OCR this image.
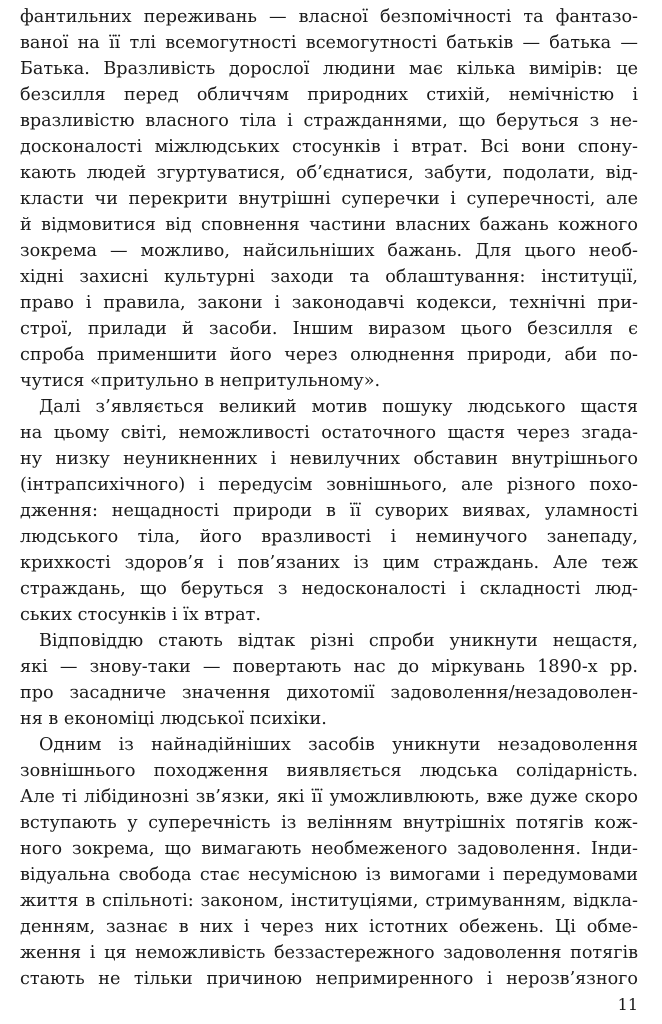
фантильних переживань — власної безпомічності та фантазо-
ваної на її тлі всемогутності всемогутності батьків — батька —
Батька. Вразливість дорослої людини має кілька вимірів: це
безсилля перед обличчям природних стихій, немічністю і
вразливістю власного тіла і стражданнями, що беруться з не-
досконалості міжлюдських стосунків і втрат. Всі вони спону-
кають людей згуртуватися, об’єднатися, забути, подолати, від-
класти чи перекрити внутрішні суперечки і суперечності, але
й відмовитися від сповнення частини власних бажань кожного
зокрема — можливо, найсильніших бажань. Для цього необ-
хідні захисні культурні заходи та облаштування: інституції,
право і правила, закони і законодавчі кодекси, технічні при-
строї, прилади й засоби. Іншим виразом цього безсилля є
спроба применшити його через олюднення природи, аби по-
чутися «притульно в непритульному».
Далі з’являється великий мотив пошуку людського щастя
на цьому світі, неможливості остаточного щастя через згада-
ну низку неуникненних і невилучних обставин внутрішнього
(інтрапсихічного) і передусім зовнішнього, але різного похо-
дження: нещадності природи в її суворих виявах, уламності
людського тіла, його вразливості і неминучого занепаду,
крихкості здоров’я і пов’язаних із цим страждань. Але теж
страждань, що беруться з недосконалості і складності люд-
ських стосунків і їх втрат.
Відповіддю стають відтак різні спроби уникнути нещастя,
які — знову-таки — повертають нас до міркувань 1890-х рр.
про засадниче значення дихотомії задоволення/незадоволен-
ня в економіці людської психіки.
Одним із найнадійніших засобів уникнути незадоволення
зовнішнього походження виявляється людська солідарність.
Але ті лібідинозні зв’язки, які її уможливлюють, вже дуже скоро
вступають у суперечність із велінням внутрішніх потягів кож-
ного зокрема, що вимагають необмеженого задоволення. Інди-
відуальна свобода стає несумісною із вимогами і передумовами
життя в спільноті: законом, інституціями, стримуванням, відкла-
денням, зазнає в них і через них істотних обежень. Ці обме-
ження і ця неможливість беззастережного задоволення потягів
стають не тільки причиною непримиренного і нерозв’язного
11
